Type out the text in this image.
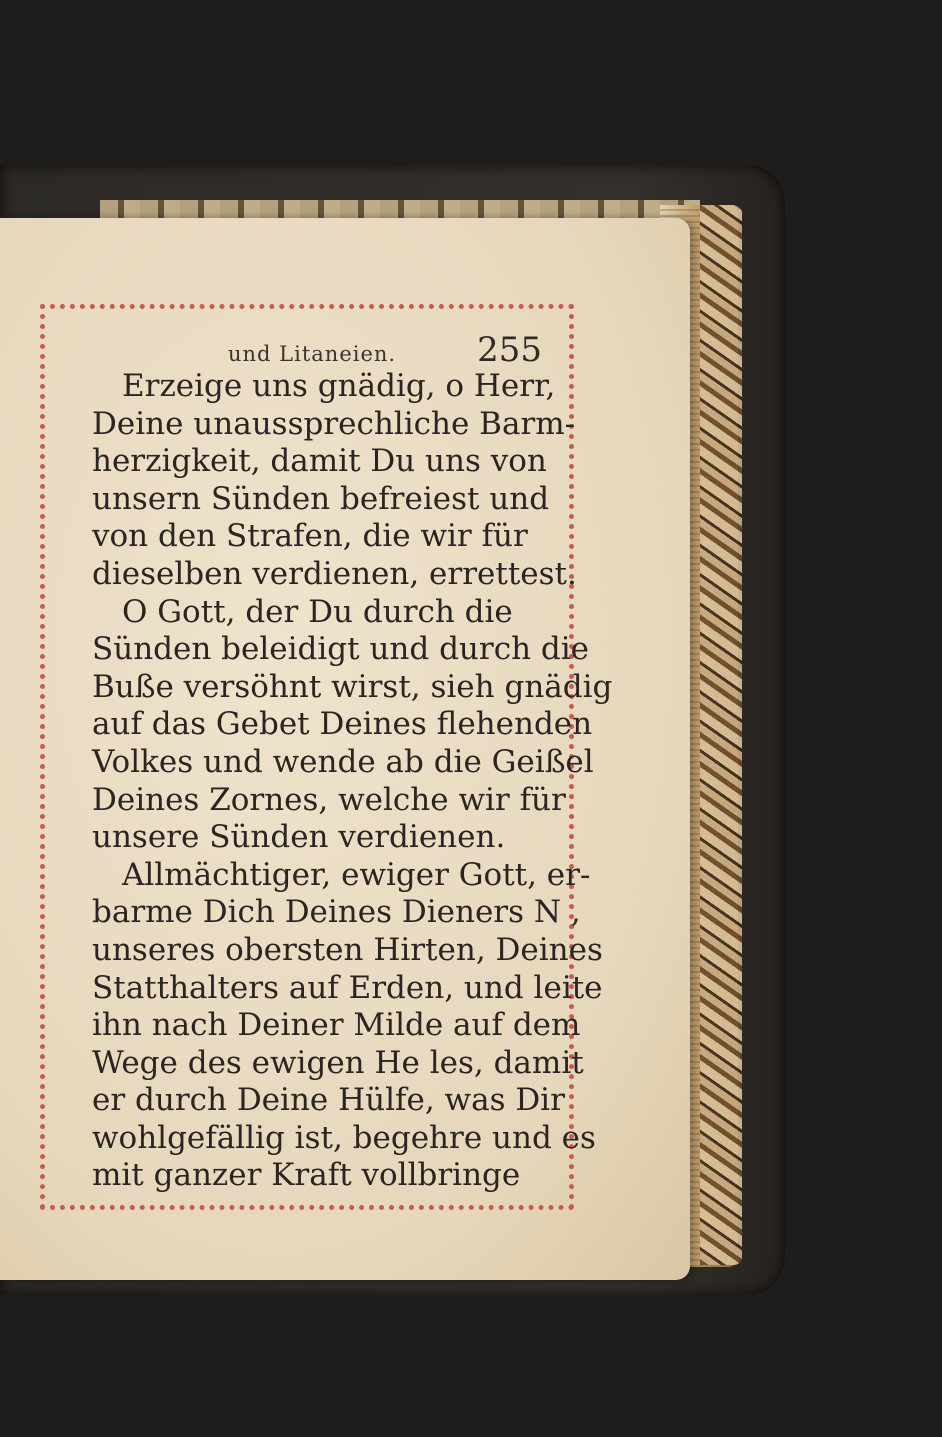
und Litaneien. 255
Erzeige uns gnädig, o Herr,
Deine unaussprechliche Barm-
herzigkeit, damit Du uns von
unsern Sünden befreiest und
von den Strafen, die wir für
dieselben verdienen, errettest.
O Gott, der Du durch die
Sünden beleidigt und durch die
Buße versöhnt wirst, sieh gnädig
auf das Gebet Deines flehenden
Volkes und wende ab die Geißel
Deines Zornes, welche wir für
unsere Sünden verdienen.
Allmächtiger, ewiger Gott, er-
barme Dich Deines Dieners N ,
unseres obersten Hirten, Deines
Statthalters auf Erden, und leite
ihn nach Deiner Milde auf dem
Wege des ewigen He les, damit
er durch Deine Hülfe, was Dir
wohlgefällig ist, begehre und es
mit ganzer Kraft vollbringe
